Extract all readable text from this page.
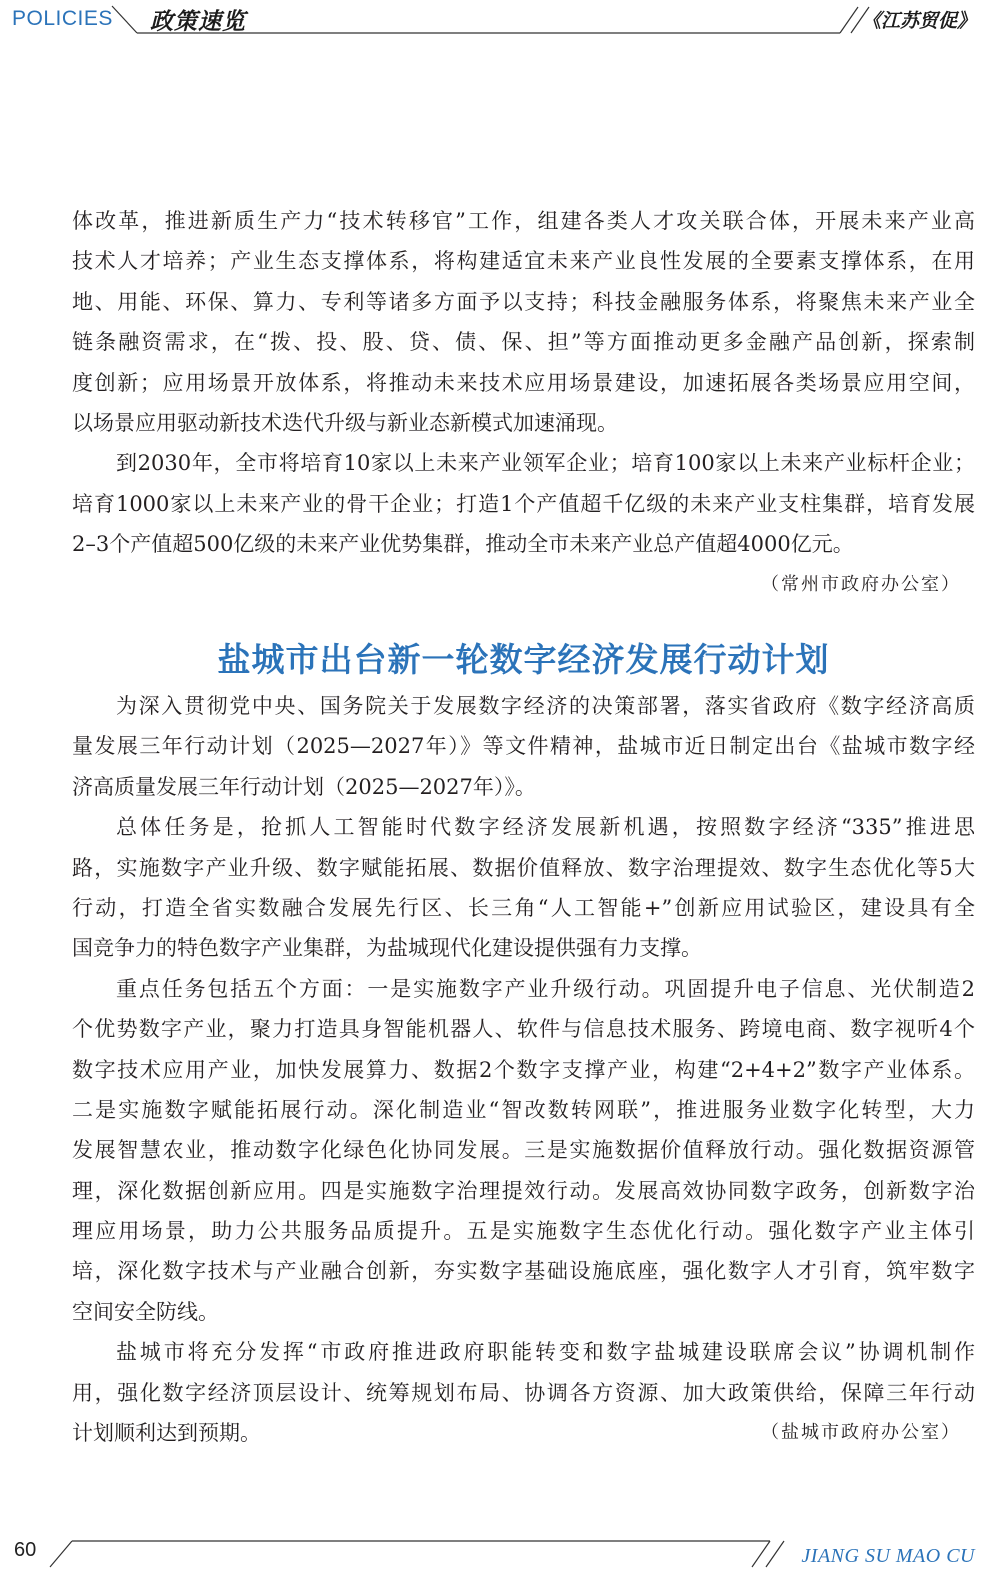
POLICIES 政策速览	《江苏贸促》
体改革，推进新质生产力“技术转移官”工作，组建各类人才攻关联合体，开展未来产业高
技术人才培养；产业生态支撑体系，将构建适宜未来产业良性发展的全要素支撑体系，在用
地、用能、环保、算力、专利等诸多方面予以支持；科技金融服务体系，将聚焦未来产业全
链条融资需求，在“拨、投、股、贷、债、保、担”等方面推动更多金融产品创新，探索制
度创新；应用场景开放体系，将推动未来技术应用场景建设，加速拓展各类场景应用空间，
以场景应用驱动新技术迭代升级与新业态新模式加速涌现。
到2030年，全市将培育10家以上未来产业领军企业；培育100家以上未来产业标杆企业；
培育1000家以上未来产业的骨干企业；打造1个产值超千亿级的未来产业支柱集群，培育发展
2–3个产值超500亿级的未来产业优势集群，推动全市未来产业总产值超4000亿元。
（常州市政府办公室）
盐城市出台新一轮数字经济发展行动计划
为深入贯彻党中央、国务院关于发展数字经济的决策部署，落实省政府《数字经济高质
量发展三年行动计划（2025—2027年）》等文件精神，盐城市近日制定出台《盐城市数字经
济高质量发展三年行动计划（2025—2027年）》。
总体任务是，抢抓人工智能时代数字经济发展新机遇，按照数字经济“335”推进思
路，实施数字产业升级、数字赋能拓展、数据价值释放、数字治理提效、数字生态优化等5大
行动，打造全省实数融合发展先行区、长三角“人工智能+”创新应用试验区，建设具有全
国竞争力的特色数字产业集群，为盐城现代化建设提供强有力支撑。
重点任务包括五个方面：一是实施数字产业升级行动。巩固提升电子信息、光伏制造2
个优势数字产业，聚力打造具身智能机器人、软件与信息技术服务、跨境电商、数字视听4个
数字技术应用产业，加快发展算力、数据2个数字支撑产业，构建“2+4+2”数字产业体系。
二是实施数字赋能拓展行动。深化制造业“智改数转网联”，推进服务业数字化转型，大力
发展智慧农业，推动数字化绿色化协同发展。三是实施数据价值释放行动。强化数据资源管
理，深化数据创新应用。四是实施数字治理提效行动。发展高效协同数字政务，创新数字治
理应用场景，助力公共服务品质提升。五是实施数字生态优化行动。强化数字产业主体引
培，深化数字技术与产业融合创新，夯实数字基础设施底座，强化数字人才引育，筑牢数字
空间安全防线。
盐城市将充分发挥“市政府推进政府职能转变和数字盐城建设联席会议”协调机制作
用，强化数字经济顶层设计、统筹规划布局、协调各方资源、加大政策供给，保障三年行动
计划顺利达到预期。	（盐城市政府办公室）
60	JIANG SU MAO CU
